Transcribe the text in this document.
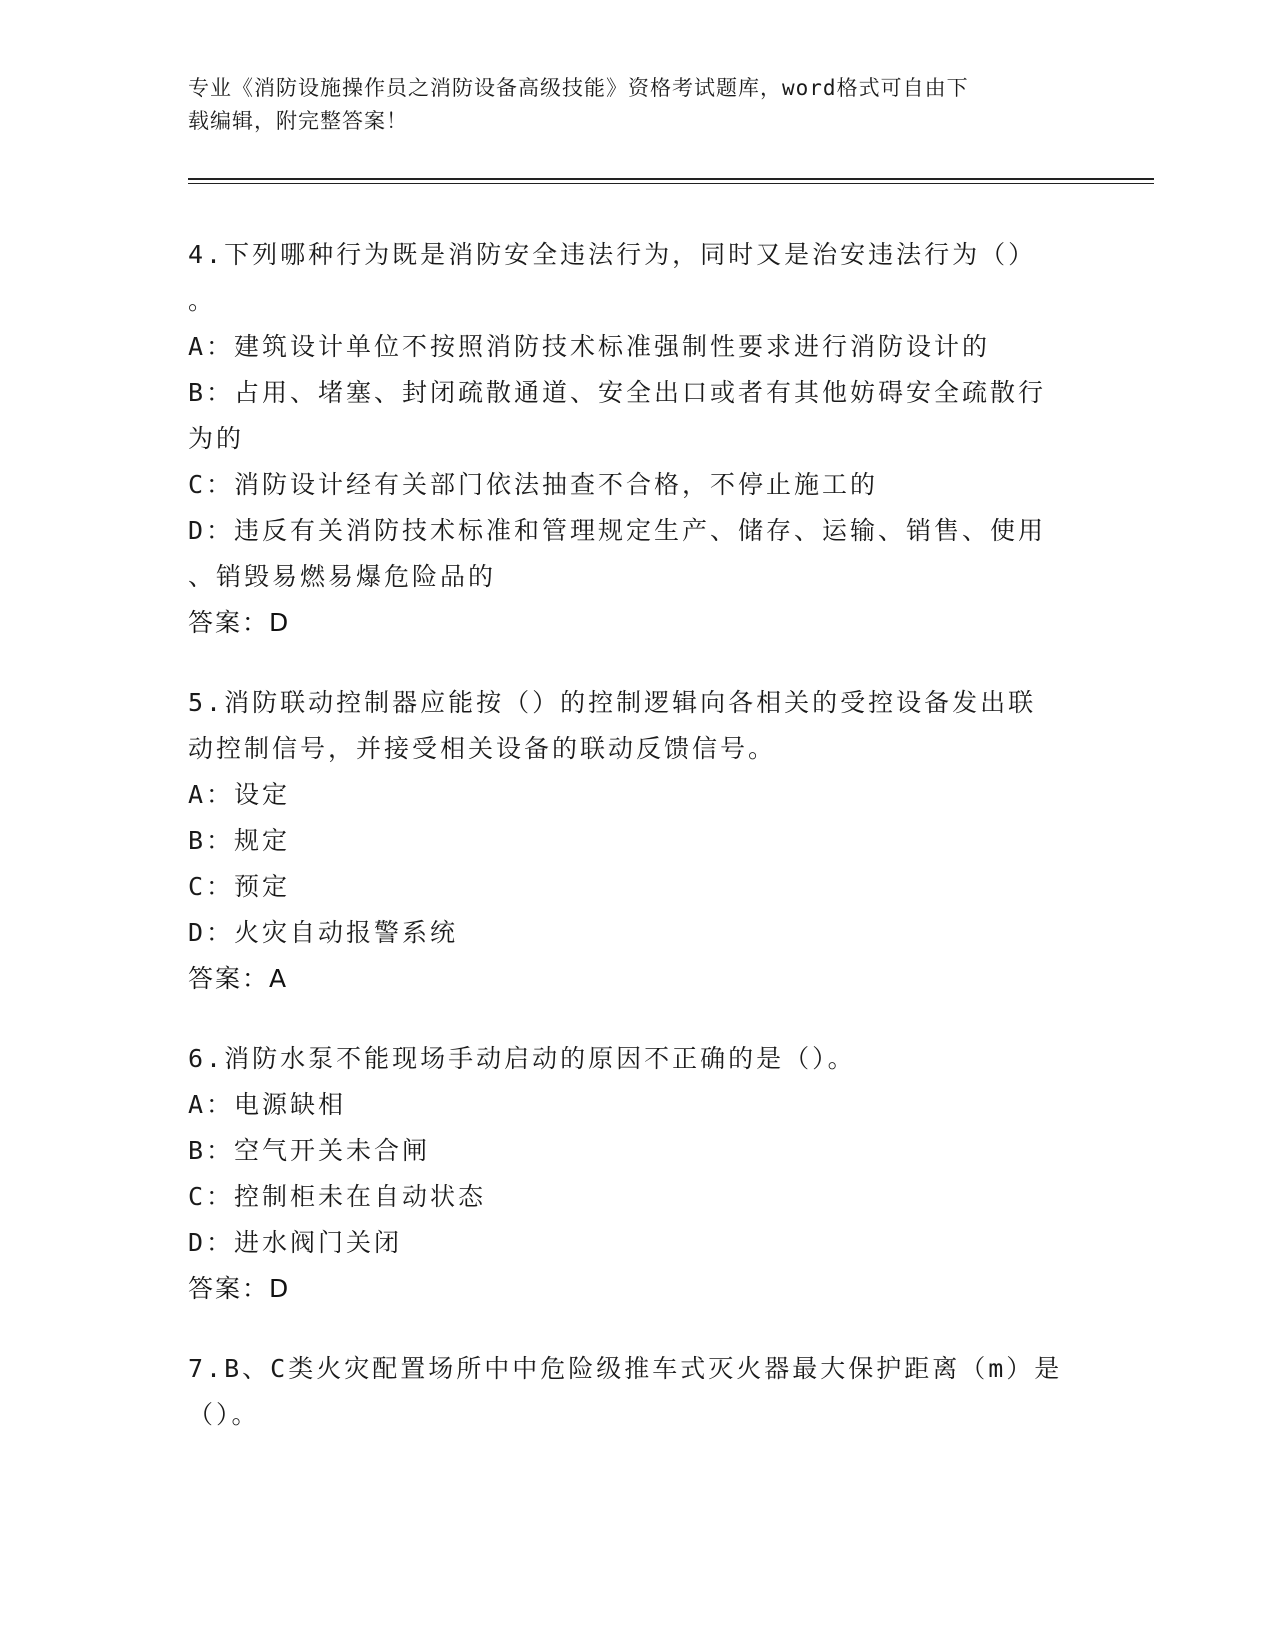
专业《消防设施操作员之消防设备高级技能》资格考试题库，word格式可自由下
载编辑，附完整答案！
4.下列哪种行为既是消防安全违法行为，同时又是治安违法行为（）
。
A：建筑设计单位不按照消防技术标准强制性要求进行消防设计的
B：占用、堵塞、封闭疏散通道、安全出口或者有其他妨碍安全疏散行
为的
C：消防设计经有关部门依法抽查不合格，不停止施工的
D：违反有关消防技术标准和管理规定生产、储存、运输、销售、使用
、销毁易燃易爆危险品的
答案：D
5.消防联动控制器应能按（）的控制逻辑向各相关的受控设备发出联
动控制信号，并接受相关设备的联动反馈信号。
A：设定
B：规定
C：预定
D：火灾自动报警系统
答案：A
6.消防水泵不能现场手动启动的原因不正确的是（）。
A：电源缺相
B：空气开关未合闸
C：控制柜未在自动状态
D：进水阀门关闭
答案：D
7.B、C类火灾配置场所中中危险级推车式灭火器最大保护距离（m）是
（）。
